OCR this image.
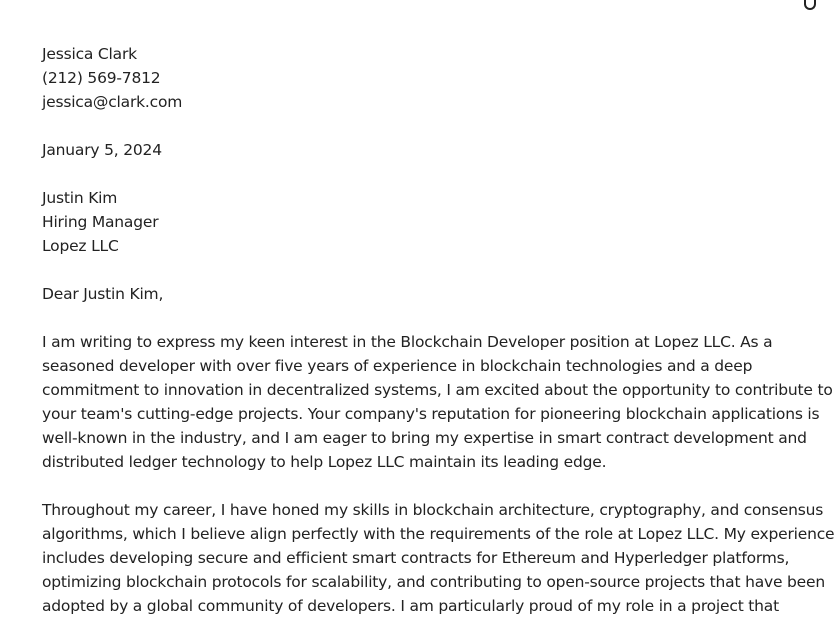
Jessica Clark
(212) 569-7812
jessica@clark.com
January 5, 2024
Justin Kim
Hiring Manager
Lopez LLC
Dear Justin Kim,
I am writing to express my keen interest in the Blockchain Developer position at Lopez LLC. As a
seasoned developer with over five years of experience in blockchain technologies and a deep
commitment to innovation in decentralized systems, I am excited about the opportunity to contribute to
your team's cutting-edge projects. Your company's reputation for pioneering blockchain applications is
well-known in the industry, and I am eager to bring my expertise in smart contract development and
distributed ledger technology to help Lopez LLC maintain its leading edge.
Throughout my career, I have honed my skills in blockchain architecture, cryptography, and consensus
algorithms, which I believe align perfectly with the requirements of the role at Lopez LLC. My experience
includes developing secure and efficient smart contracts for Ethereum and Hyperledger platforms,
optimizing blockchain protocols for scalability, and contributing to open-source projects that have been
adopted by a global community of developers. I am particularly proud of my role in a project that
